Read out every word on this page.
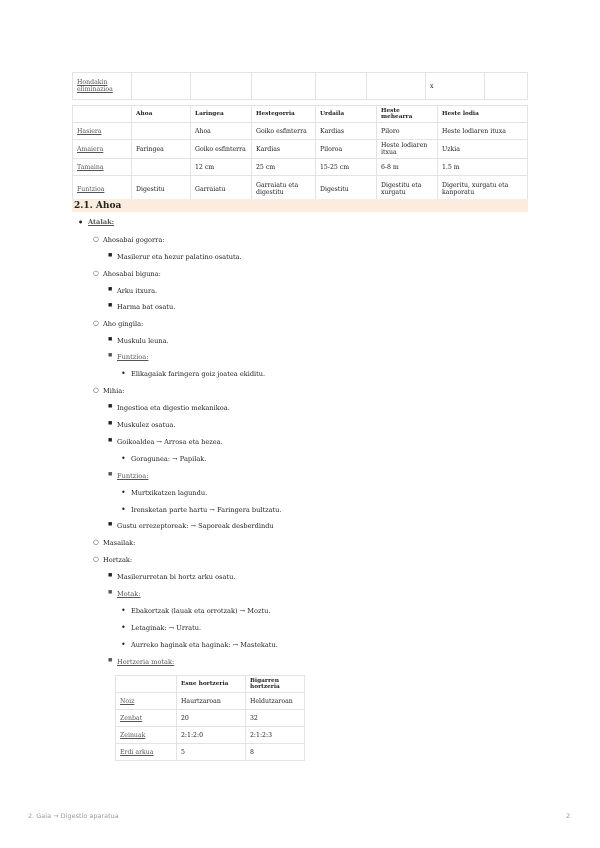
Hondakin eliminazioa						x	
	Ahoa	Laringea	Hestegorria	Urdaila	Heste mehearra	Heste lodia
Hasiera		Ahoa	Goiko esfinterra	Kardias	Piloro	Heste lodiaren ituxa
Amaiera	Faringea	Goiko esfinterra	Kardias	Piloroa	Heste lodiaren itxua	Uzkia
Tamaina		12 cm	25 cm	15-25 cm	6-8 m	1.5 m
Funtzioa	Digestitu	Garraiatu	Garraiatu eta digestitu	Digestitu	Digestitu eta xurgatu	Digeritu, xurgatu eta kanporatu
2.1. Ahoa
• Atalak:
○ Ahosabai gogorra:
■ Masilerur eta hezur palatino osatuta.
○ Ahosabai biguna:
■ Arku itxura.
■ Harma bat osatu.
○ Aho gingila:
■ Muskulu leuna.
■ Funtzioa:
• Elikagaiak faringera goiz joatea ekiditu.
○ Mihia:
■ Ingestioa eta digestio mekanikoa.
■ Muskulez osatua.
■ Goikoaldea → Arrosa eta hezea.
• Goragunea: → Papilak.
■ Funtzioa:
• Murtxikatzen lagundu.
• Irensketan parte hartu → Faringera bultzatu.
■ Gustu errezeptoreak: → Saporeak desberdindu
○ Masailak:
○ Hortzak:
■ Masilerurretan bi hortz arku osatu.
■ Motak:
• Ebakortzak (lauak eta orrotzak) → Moztu.
• Letaginak: → Urratu.
• Aurreko haginak eta haginak: → Mastekatu.
■ Hortzeria motak:
	Esne hortzeria	Bigarren hortzeria
Noiz	Haurtzaroan	Heldutzaroan
Zenbat	20	32
Zeinuak	2:1:2:0	2:1:2:3
Erdi arkua	5	8
2. Gaia → Digestio aparatua	2
